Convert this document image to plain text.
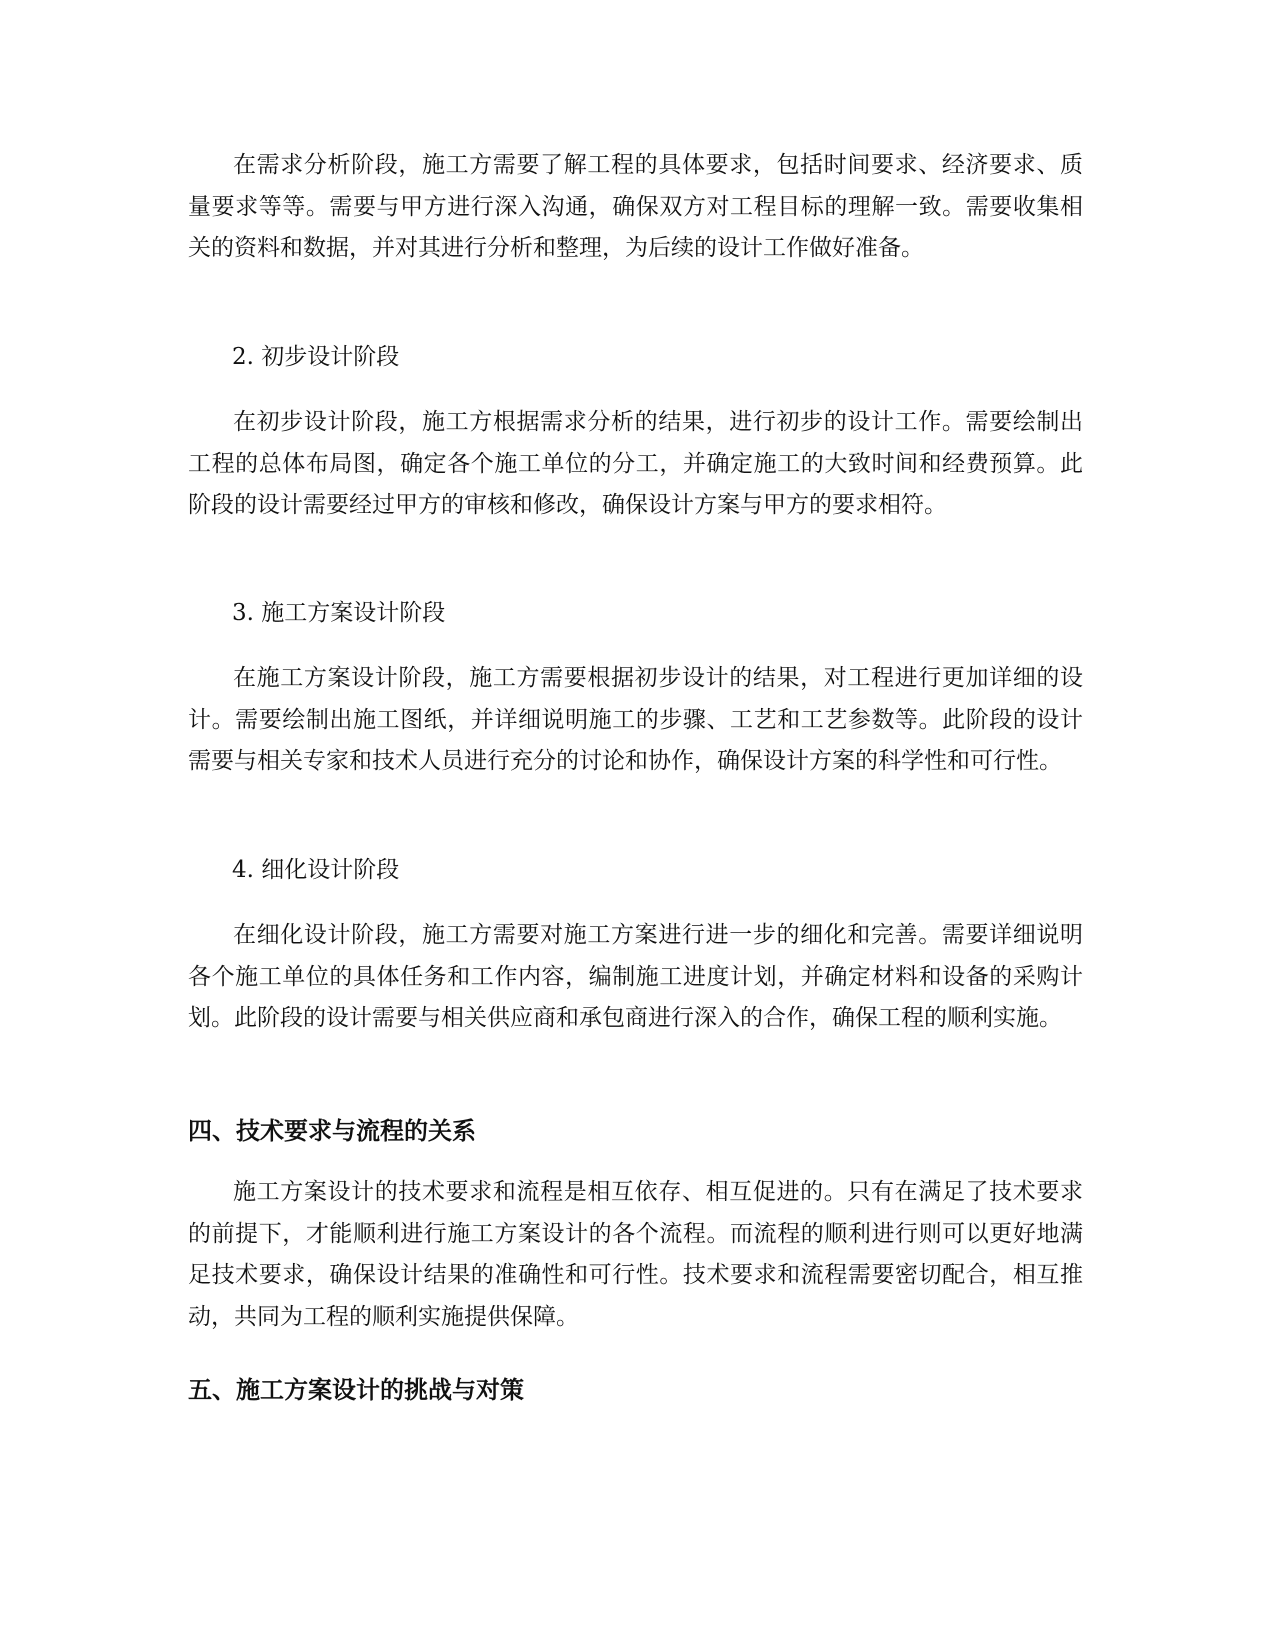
在需求分析阶段，施工方需要了解工程的具体要求，包括时间要求、经济要求、质量要求等等。需要与甲方进行深入沟通，确保双方对工程目标的理解一致。需要收集相关的资料和数据，并对其进行分析和整理，为后续的设计工作做好准备。

2. 初步设计阶段

在初步设计阶段，施工方根据需求分析的结果，进行初步的设计工作。需要绘制出工程的总体布局图，确定各个施工单位的分工，并确定施工的大致时间和经费预算。此阶段的设计需要经过甲方的审核和修改，确保设计方案与甲方的要求相符。

3. 施工方案设计阶段

在施工方案设计阶段，施工方需要根据初步设计的结果，对工程进行更加详细的设计。需要绘制出施工图纸，并详细说明施工的步骤、工艺和工艺参数等。此阶段的设计需要与相关专家和技术人员进行充分的讨论和协作，确保设计方案的科学性和可行性。

4. 细化设计阶段

在细化设计阶段，施工方需要对施工方案进行进一步的细化和完善。需要详细说明各个施工单位的具体任务和工作内容，编制施工进度计划，并确定材料和设备的采购计划。此阶段的设计需要与相关供应商和承包商进行深入的合作，确保工程的顺利实施。

四、技术要求与流程的关系

施工方案设计的技术要求和流程是相互依存、相互促进的。只有在满足了技术要求的前提下，才能顺利进行施工方案设计的各个流程。而流程的顺利进行则可以更好地满足技术要求，确保设计结果的准确性和可行性。技术要求和流程需要密切配合，相互推动，共同为工程的顺利实施提供保障。

五、施工方案设计的挑战与对策
